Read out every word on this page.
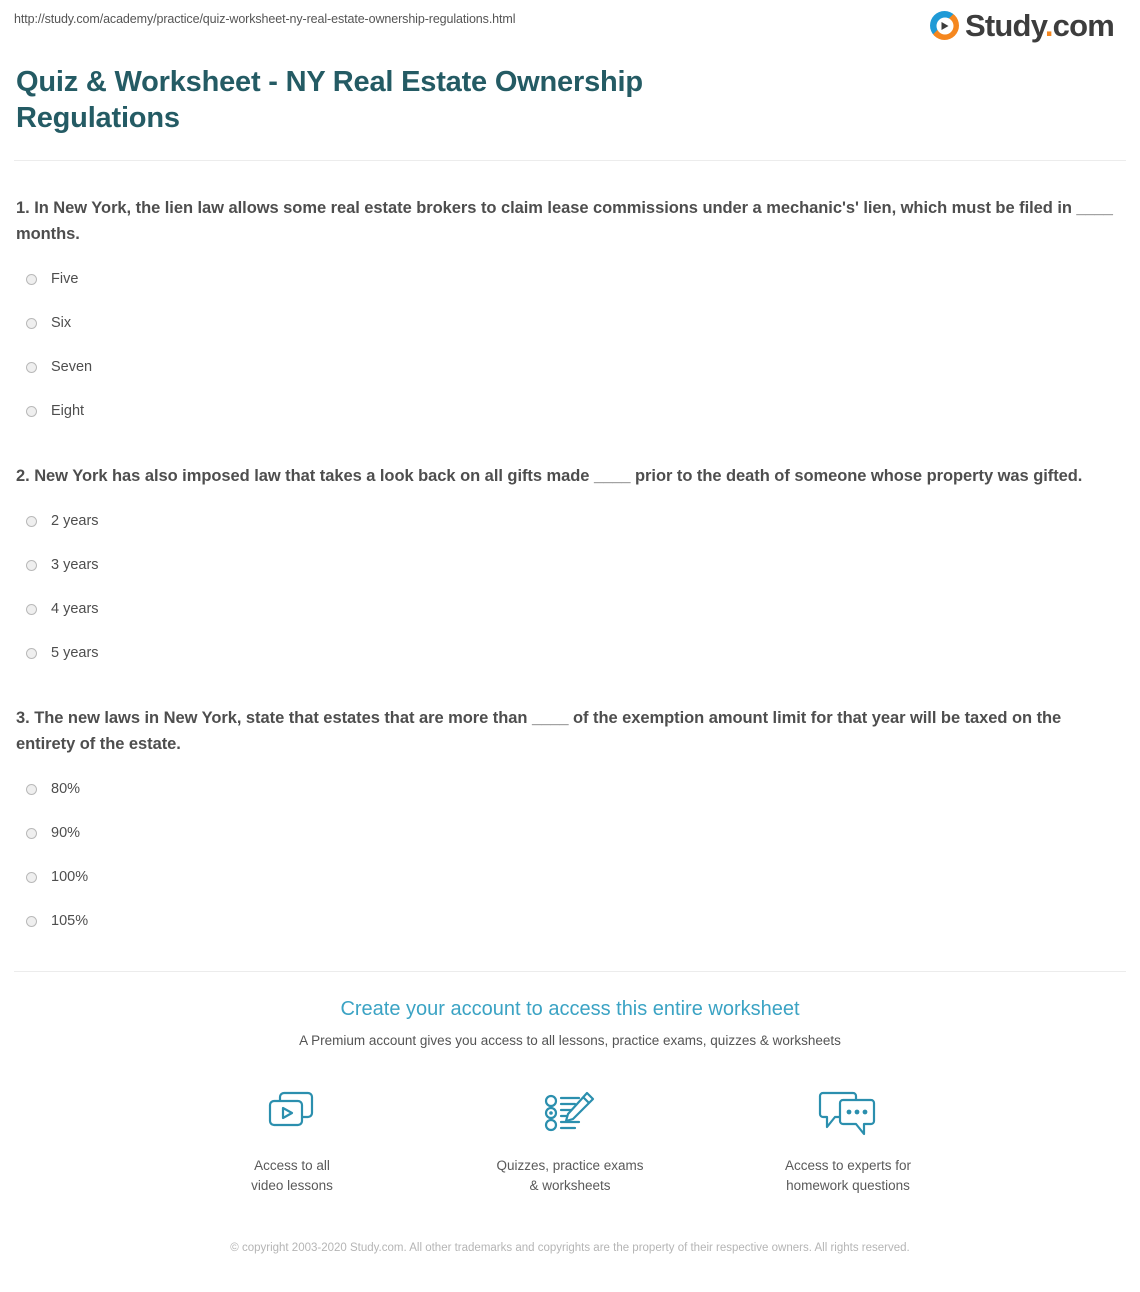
http://study.com/academy/practice/quiz-worksheet-ny-real-estate-ownership-regulations.html	Study.com
Quiz & Worksheet - NY Real Estate Ownership Regulations

1. In New York, the lien law allows some real estate brokers to claim lease commissions under a mechanic's' lien, which must be filed in ____ months.

Five
Six
Seven
Eight

2. New York has also imposed law that takes a look back on all gifts made ____ prior to the death of someone whose property was gifted.

2 years
3 years
4 years
5 years

3. The new laws in New York, state that estates that are more than ____ of the exemption amount limit for that year will be taxed on the entirety of the estate.

80%
90%
100%
105%
Create your account to access this entire worksheet
A Premium account gives you access to all lessons, practice exams, quizzes & worksheets
Access to all
video lessons
Quizzes, practice exams
& worksheets
Access to experts for
homework questions
© copyright 2003-2020 Study.com. All other trademarks and copyrights are the property of their respective owners. All rights reserved.
